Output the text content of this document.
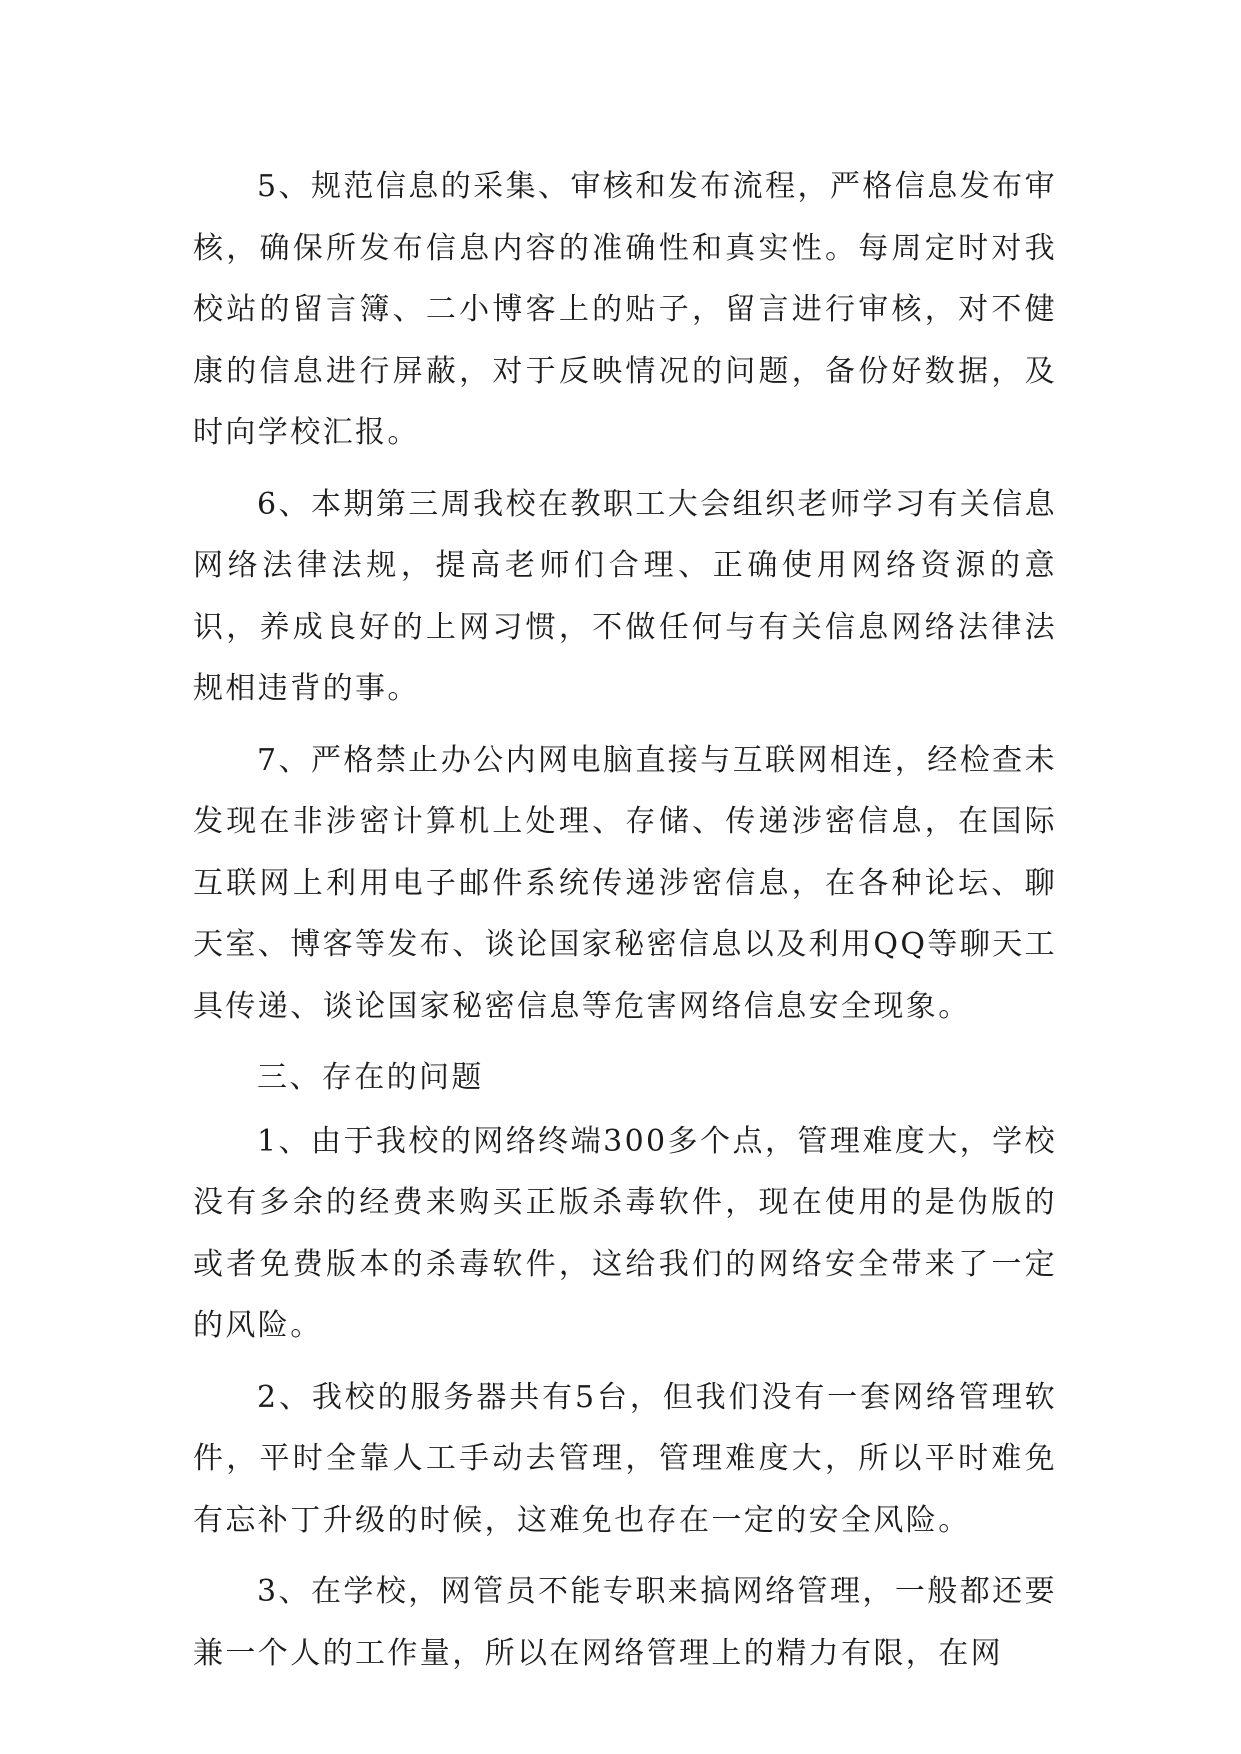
5、规范信息的采集、审核和发布流程，严格信息发布审核，确保所发布信息内容的准确性和真实性。每周定时对我校站的留言簿、二小博客上的贴子，留言进行审核，对不健康的信息进行屏蔽，对于反映情况的问题，备份好数据，及时向学校汇报。

6、本期第三周我校在教职工大会组织老师学习有关信息网络法律法规，提高老师们合理、正确使用网络资源的意识，养成良好的上网习惯，不做任何与有关信息网络法律法规相违背的事。

7、严格禁止办公内网电脑直接与互联网相连，经检查未发现在非涉密计算机上处理、存储、传递涉密信息，在国际互联网上利用电子邮件系统传递涉密信息，在各种论坛、聊天室、博客等发布、谈论国家秘密信息以及利用QQ等聊天工具传递、谈论国家秘密信息等危害网络信息安全现象。

三、存在的问题

1、由于我校的网络终端300多个点，管理难度大，学校没有多余的经费来购买正版杀毒软件，现在使用的是伪版的或者免费版本的杀毒软件，这给我们的网络安全带来了一定的风险。

2、我校的服务器共有5台，但我们没有一套网络管理软件，平时全靠人工手动去管理，管理难度大，所以平时难免有忘补丁升级的时候，这难免也存在一定的安全风险。

3、在学校，网管员不能专职来搞网络管理，一般都还要兼一个人的工作量，所以在网络管理上的精力有限，在网
